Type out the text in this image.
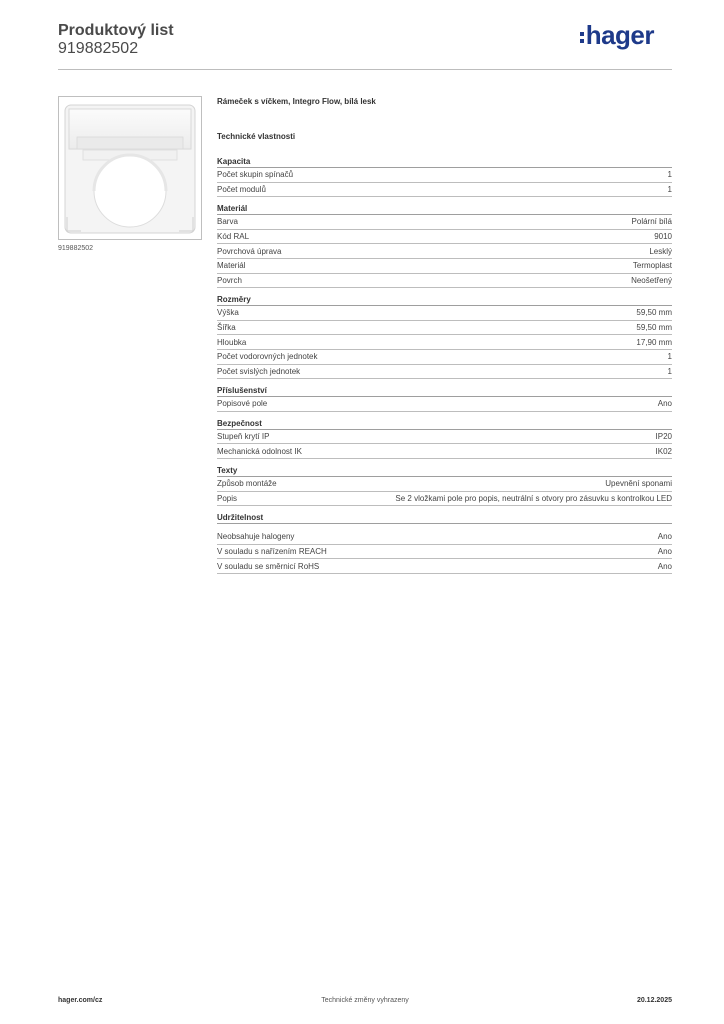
Produktový list
919882502	hager
919882502
Rámeček s víčkem, Integro Flow, bílá lesk
Technické vlastnosti
Kapacita
Počet skupin spínačů	1
Počet modulů	1
Materiál
Barva	Polární bílá
Kód RAL	9010
Povrchová úprava	Lesklý
Materiál	Termoplast
Povrch	Neošetřený
Rozměry
Výška	59,50 mm
Šířka	59,50 mm
Hloubka	17,90 mm
Počet vodorovných jednotek	1
Počet svislých jednotek	1
Příslušenství
Popisové pole	Ano
Bezpečnost
Stupeň krytí IP	IP20
Mechanická odolnost IK	IK02
Texty
Způsob montáže	Upevnění sponami
Popis	Se 2 vložkami pole pro popis, neutrální s otvory pro zásuvku s kontrolkou LED
Udržitelnost
Neobsahuje halogeny	Ano
V souladu s nařízením REACH	Ano
V souladu se směrnicí RoHS	Ano
hager.com/cz	Technické změny vyhrazeny	20.12.2025
